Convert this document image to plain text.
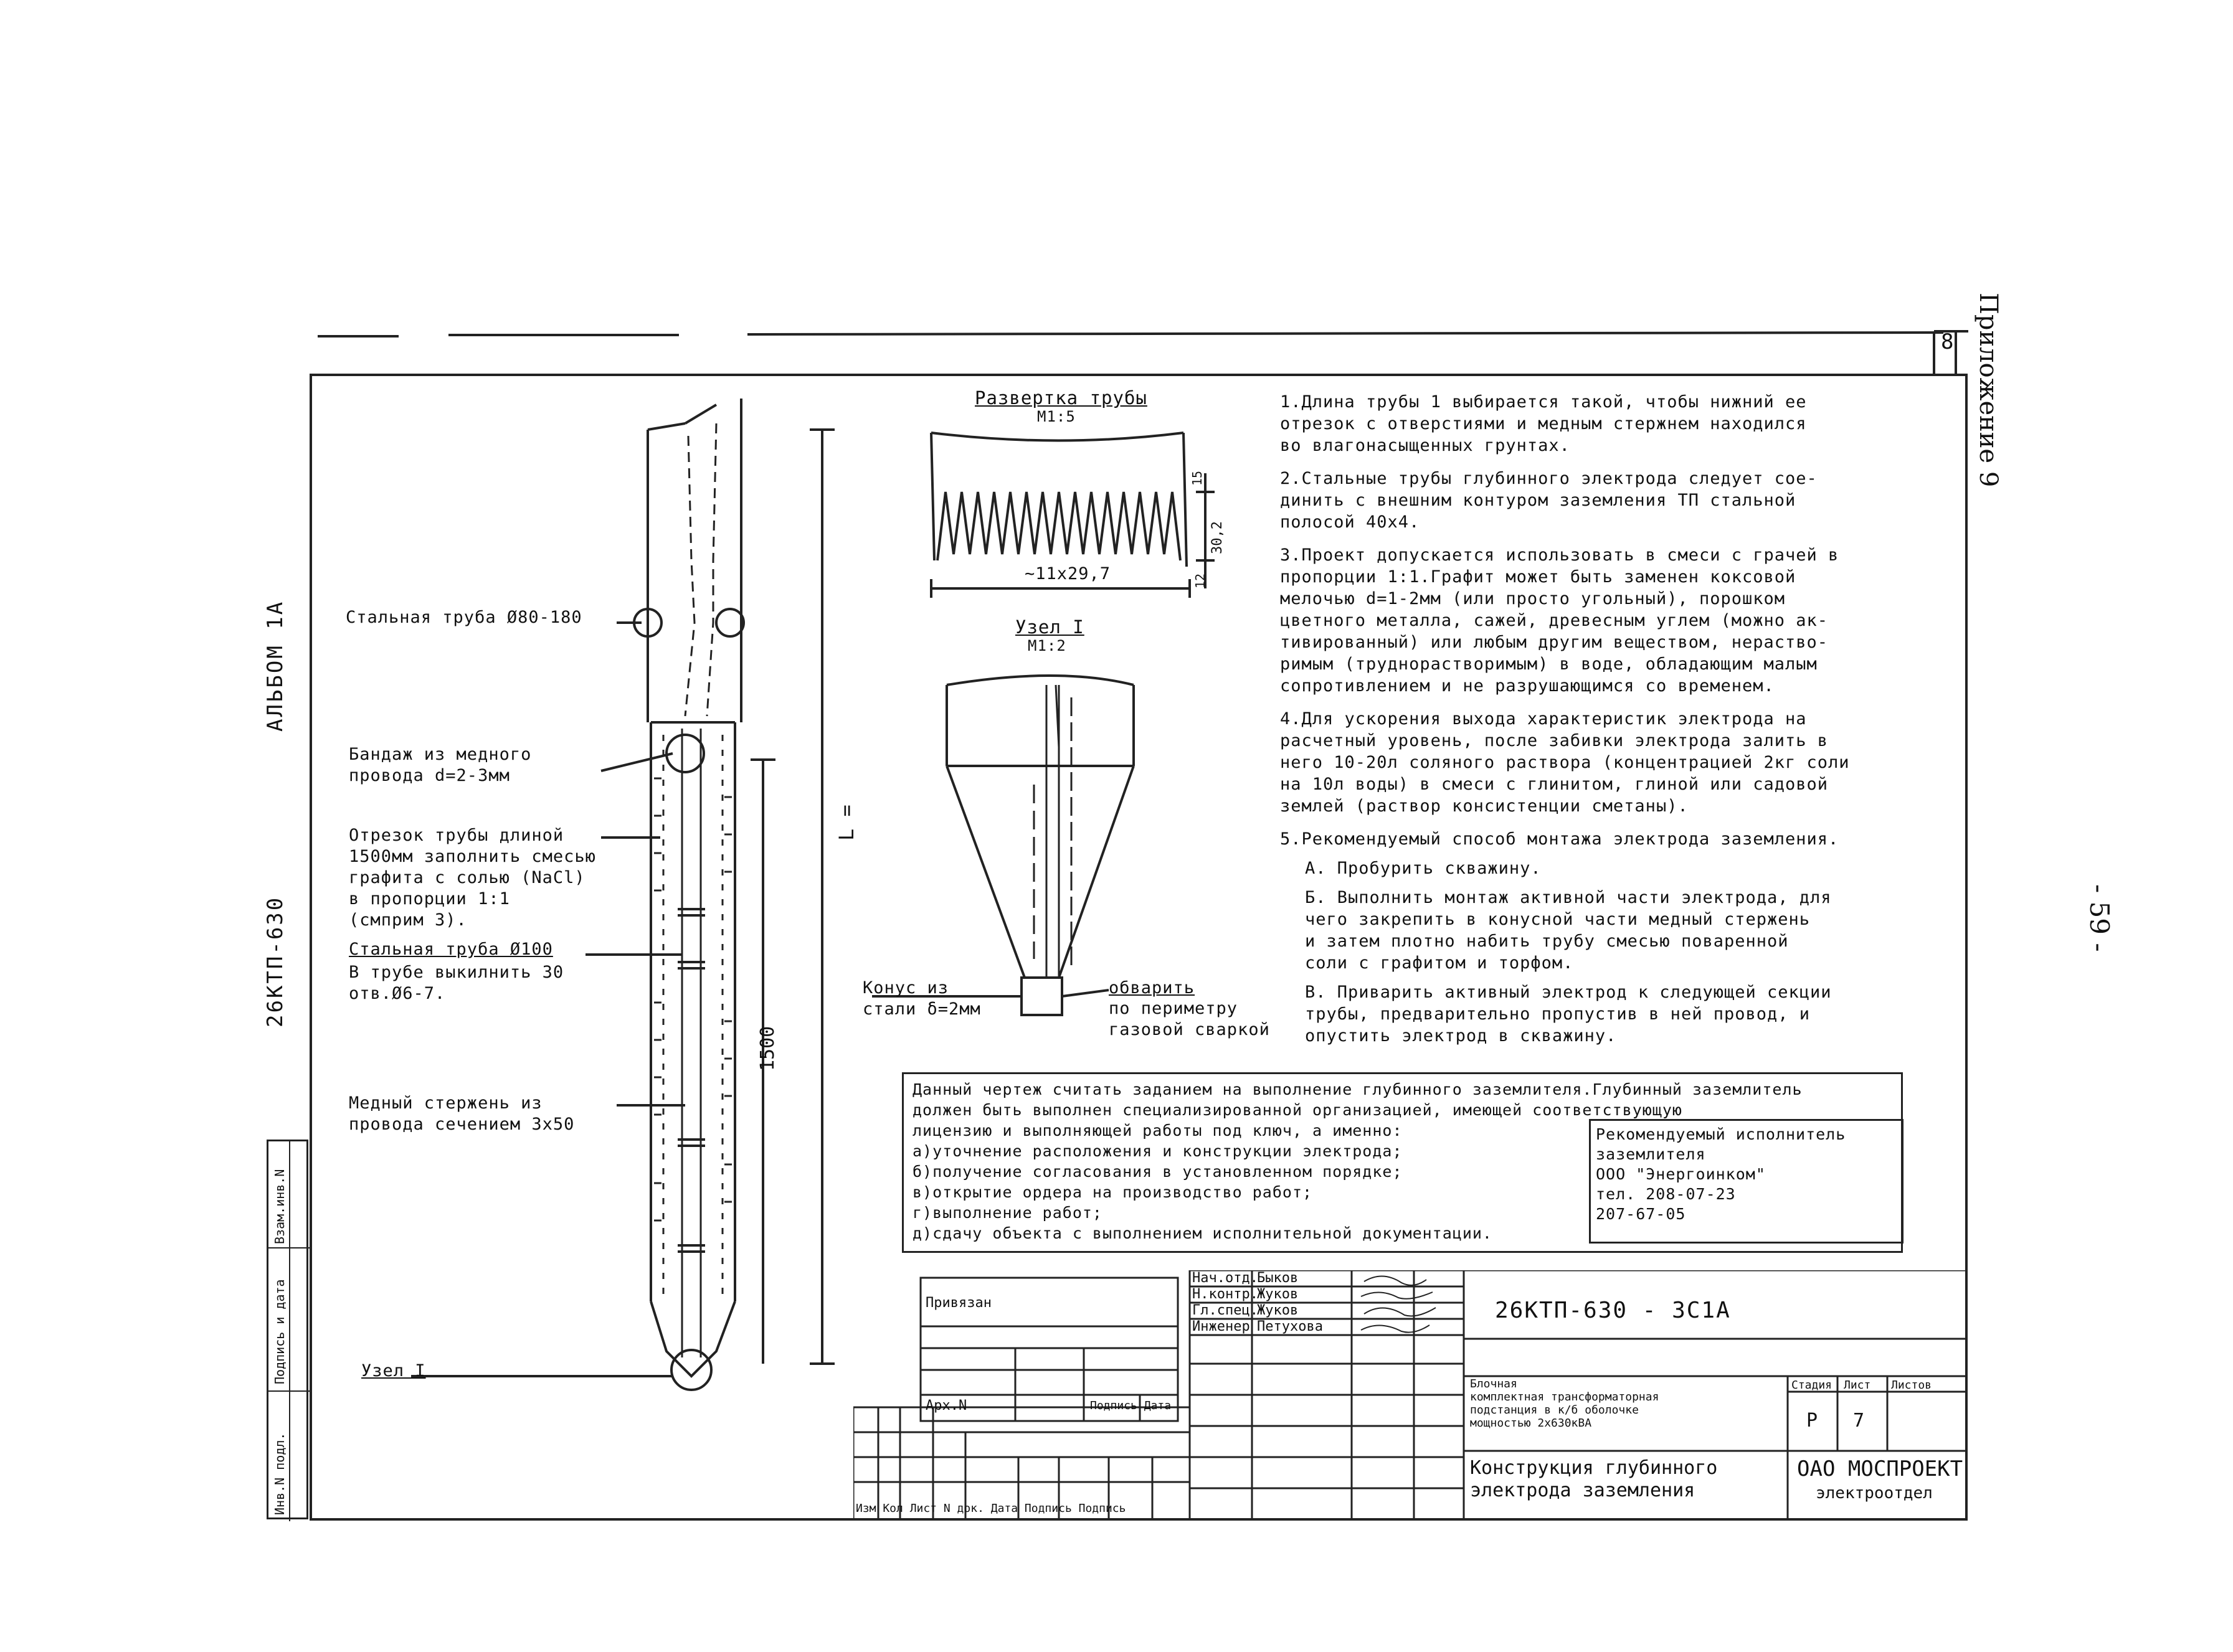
8 Приложение 9
- 59 -
АЛЬБОМ 1А
26КТП-630
Взам.инв.N
Подпись и дата
Инв.N подл.
Стальная труба Ø80-180
Бандаж из медного
провода d=2-3мм
Отрезок трубы длиной
1500мм заполнить смесью
графита с солью (NaCl)
в пропорции 1:1
(смприм 3).
Стальная труба Ø100
В трубе выкилнить 30
отв.Ø6-7.
Медный стержень из
провода сечением 3x50
Узел I
L =
1500
Развертка трубы
М1:5
~11x29,7
30,2
15
12
Узел I
М1:2
Конус из
стали δ=2мм
обварить
по периметру
газовой сваркой
1.Длина трубы 1 выбирается такой, чтобы нижний ее
отрезок с отверстиями и медным стержнем находился
во влагонасыщенных грунтах.
2.Стальные трубы глубинного электрода следует сое-
динить с внешним контуром заземления ТП стальной
полосой 40x4.
3.Проект допускается использовать в смеси с грачей в
пропорции 1:1.Графит может быть заменен коксовой
мелочью d=1-2мм (или просто угольный), порошком
цветного металла, сажей, древесным углем (можно ак-
тивированный) или любым другим веществом, нераство-
римым (труднорастворимым) в воде, обладающим малым
сопротивлением и не разрушающимся со временем.
4.Для ускорения выхода характеристик электрода на
расчетный уровень, после забивки электрода залить в
него 10-20л соляного раствора (концентрацией 2кг соли
на 10л воды) в смеси с глинитом, глиной или садовой
землей (раствор консистенции сметаны).
5.Рекомендуемый способ монтажа электрода заземления.
А. Пробурить скважину.
Б. Выполнить монтаж активной части электрода, для
чего закрепить в конусной части медный стержень
и затем плотно набить трубу смесью поваренной
соли с графитом и торфом.
В. Приварить активный электрод к следующей секции
трубы, предварительно пропустив в ней провод, и
опустить электрод в скважину.
Данный чертеж считать заданием на выполнение глубинного заземлителя.Глубинный заземлитель
должен быть выполнен специализированной организацией, имеющей соответствующую
лицензию и выполняющей работы под ключ, а именно:
а)уточнение расположения и конструкции электрода;
б)получение согласования в установленном порядке;
в)открытие ордера на производство работ;
г)выполнение работ;
д)сдачу объекта с выполнением исполнительной документации.
Рекомендуемый исполнитель
заземлителя
ООО "Энергоинком"
тел. 208-07-23
207-67-05
Привязан
Арх.N	Подпись Дата
Изм Кол Лист N док. Дата Подпись Подпись
Нач.отд.
Быков
Н.контр.
Жуков
Гл.спец.
Жуков
Инженер Петухова
26КТП-630 - ЗС1А
Блочная
комплектная трансформаторная
подстанция в к/б оболочке
мощностью 2x630кВА
Стадия Лист Листов
Р 7
Конструкция глубинного
электрода заземления
ОАО МОСПРОЕКТ
электроотдел
